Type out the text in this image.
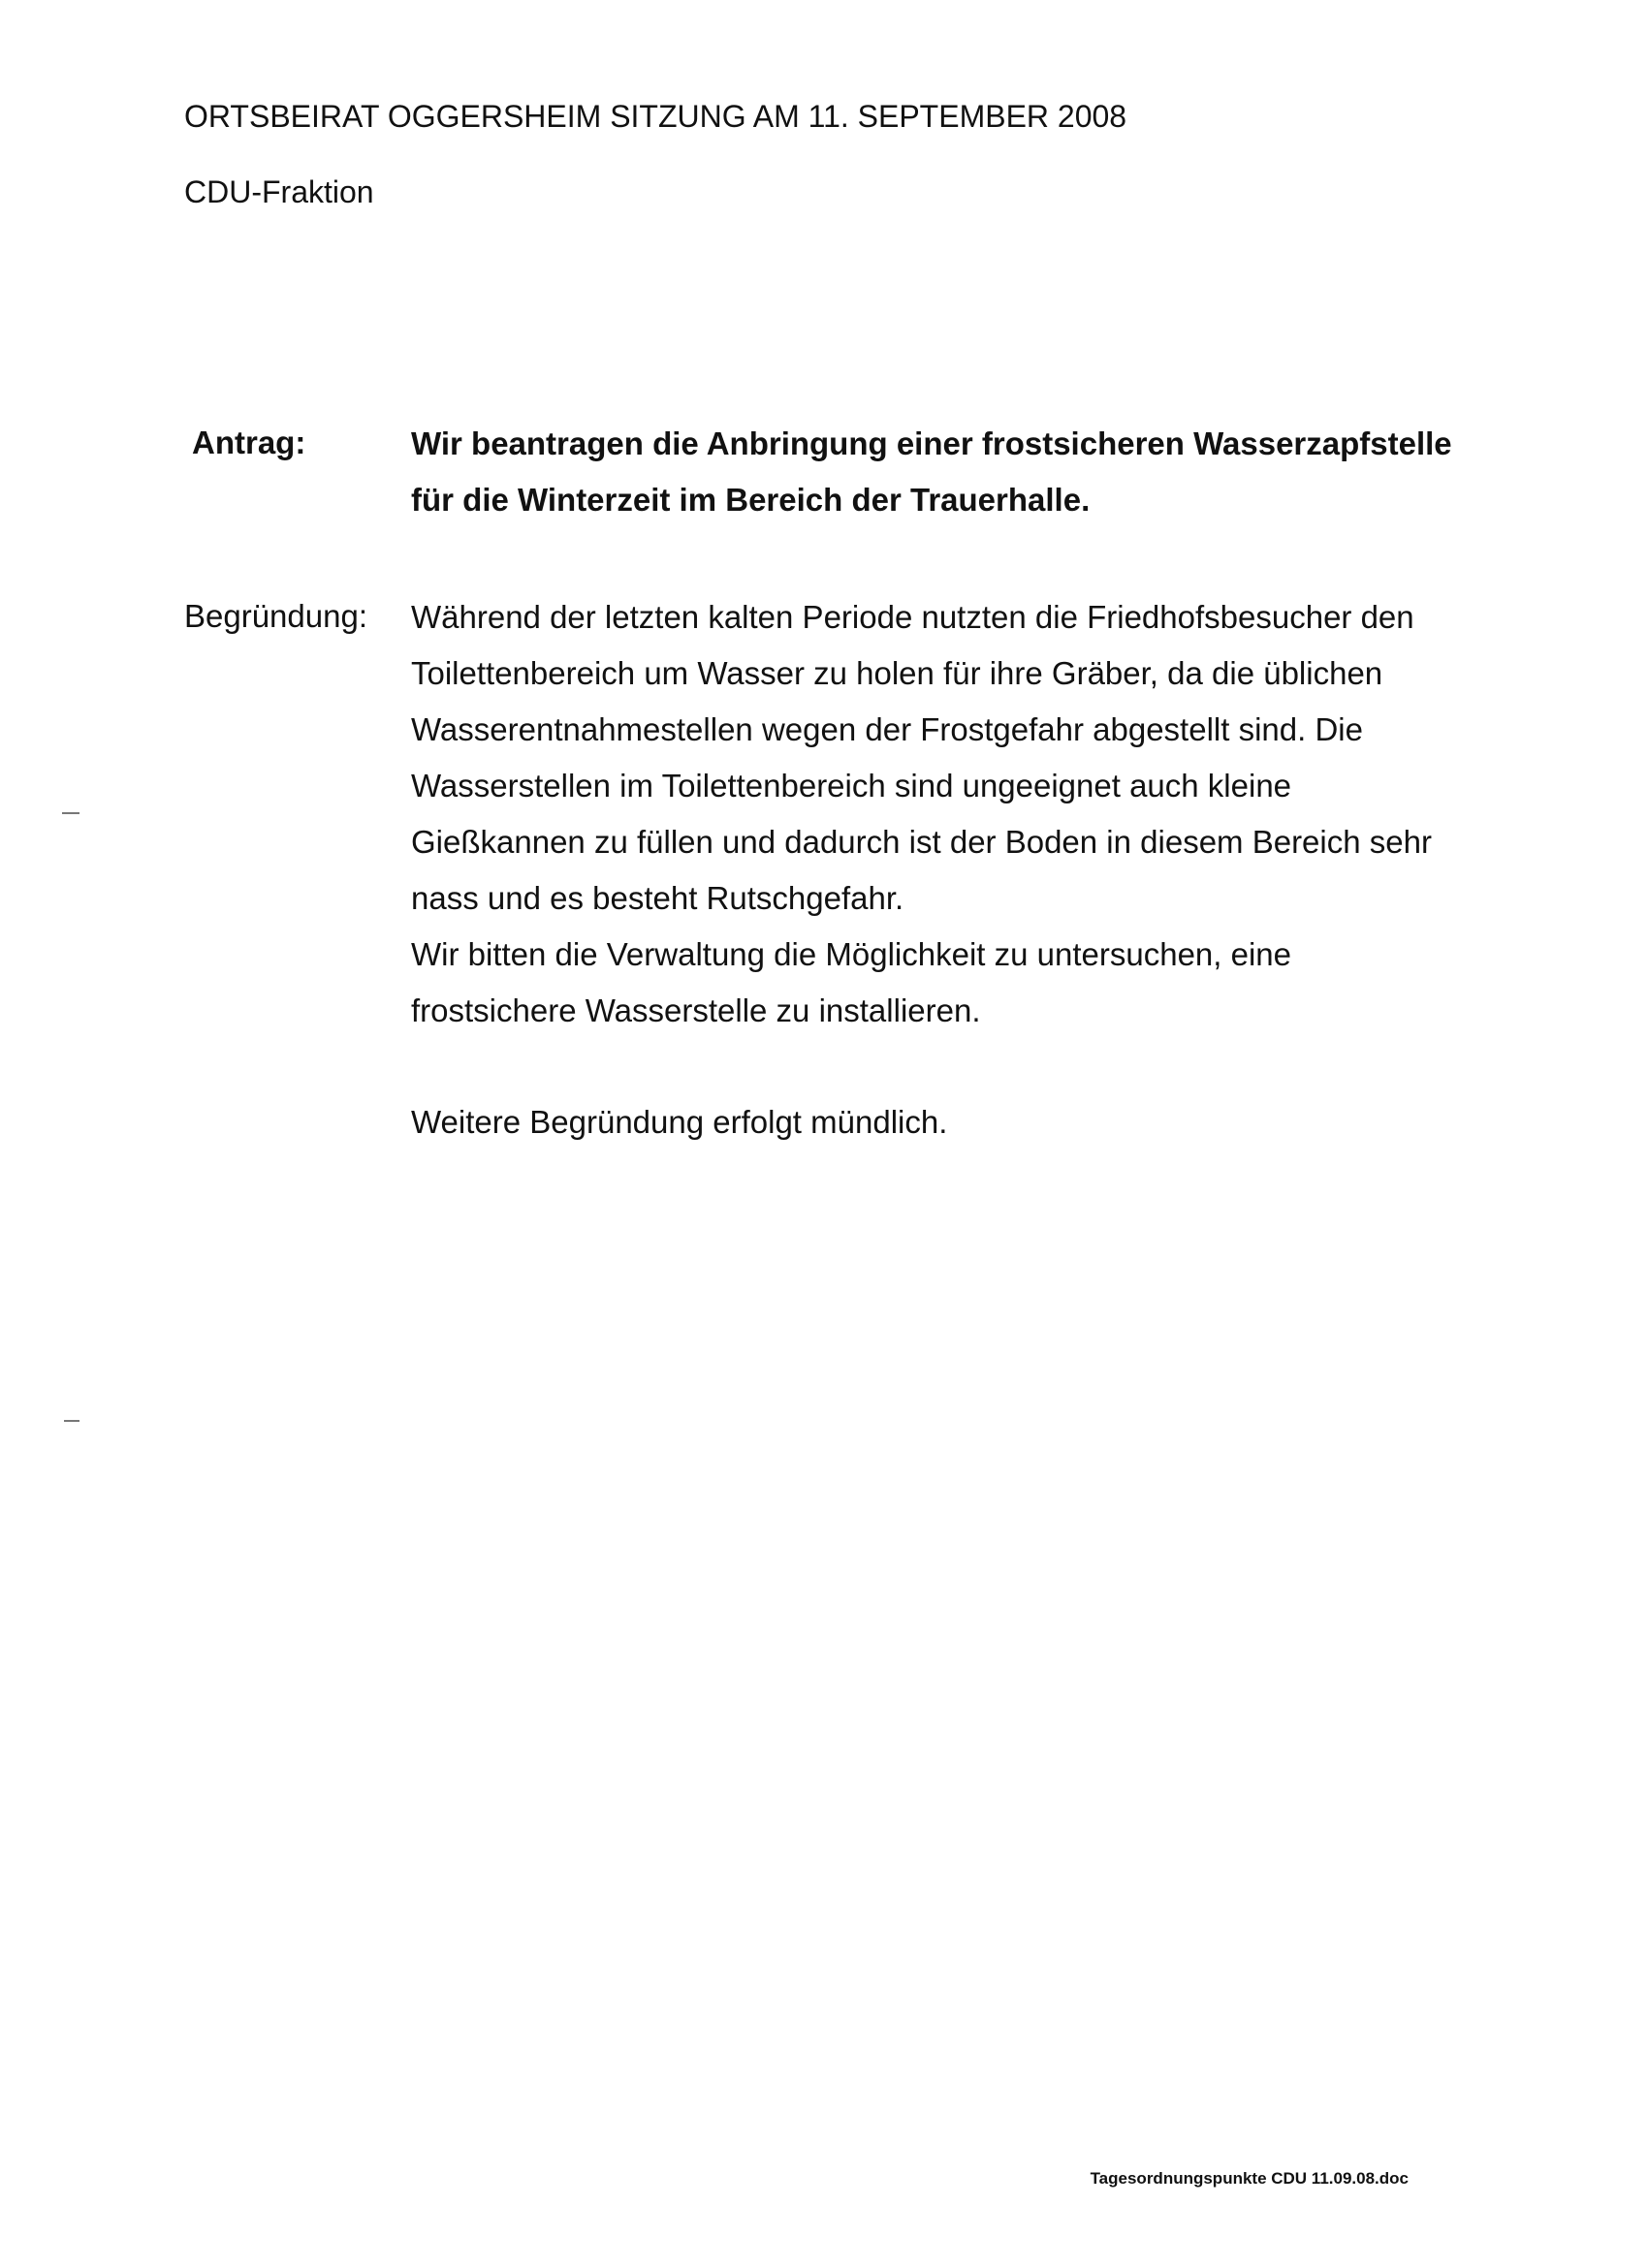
ORTSBEIRAT OGGERSHEIM SITZUNG AM 11. SEPTEMBER 2008
CDU-Fraktion
Antrag:	Wir beantragen die Anbringung einer frostsicheren Wasserzapfstelle
für die Winterzeit im Bereich der Trauerhalle.
Begründung: Während der letzten kalten Periode nutzten die Friedhofsbesucher den
Toilettenbereich um Wasser zu holen für ihre Gräber, da die üblichen
Wasserentnahmestellen wegen der Frostgefahr abgestellt sind. Die
Wasserstellen im Toilettenbereich sind ungeeignet auch kleine
Gießkannen zu füllen und dadurch ist der Boden in diesem Bereich sehr
nass und es besteht Rutschgefahr.
Wir bitten die Verwaltung die Möglichkeit zu untersuchen, eine
frostsichere Wasserstelle zu installieren.
Weitere Begründung erfolgt mündlich.
Tagesordnungspunkte CDU 11.09.08.doc
